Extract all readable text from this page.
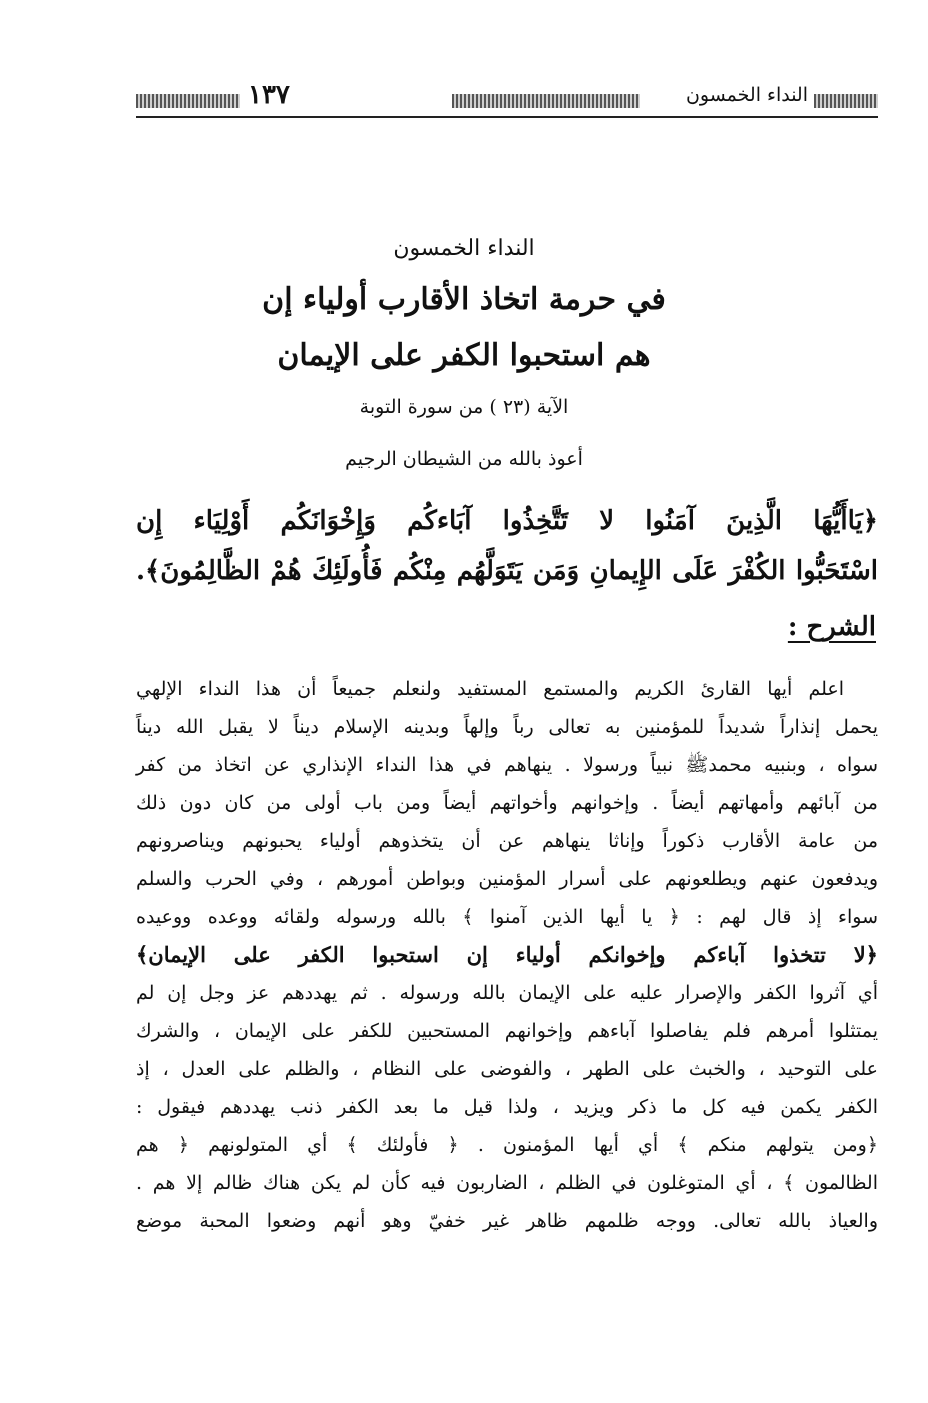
النداء الخمسون
١٣٧
النداء الخمسون
في حرمة اتخاذ الأقارب أولياء إن
هم استحبوا الكفر على الإيمان
الآية (٢٣ ) من سورة التوبة
أعوذ بالله من الشيطان الرجيم
﴿يَاأَيُّهَا الَّذِينَ آمَنُوا لا تَتَّخِذُوا آبَاءكُم وَإِخْوَانَكُم أَوْلِيَاء إِن
اسْتَحَبُّوا الكُفْرَ عَلَى الإِيمانِ وَمَن يَتَوَلَّهُم مِنْكُم فَأُولَئِكَ هُمْ الظَّالِمُونَ﴾.
الشرح :
اعلم أيها القارئ الكريم والمستمع المستفيد ولنعلم جميعاً أن هذا النداء الإلهي
يحمل إنذاراً شديداً للمؤمنين به تعالى رباً وإلهاً وبدينه الإسلام ديناً لا يقبل الله ديناً
سواه ، وبنبيه محمدﷺ نبياً ورسولا . ينهاهم في هذا النداء الإنذاري عن اتخاذ من كفر
من آبائهم وأمهاتهم أيضاً . وإخوانهم وأخواتهم أيضاً ومن باب أولى من كان دون ذلك
من عامة الأقارب ذكوراً وإناثا ينهاهم عن أن يتخذوهم أولياء يحبونهم ويناصرونهم
ويدفعون عنهم ويطلعونهم على أسرار المؤمنين وبواطن أمورهم ، وفي الحرب والسلم
سواء إذ قال لهم : ﴿ يا أيها الذين آمنوا ﴾ بالله ورسوله ولقائه ووعده ووعيده
﴿لا تتخذوا آباءكم وإخوانكم أولياء إن استحبوا الكفر على الإيمان﴾
أي آثروا الكفر والإصرار عليه على الإيمان بالله ورسوله . ثم يهددهم عز وجل إن لم
يمتثلوا أمرهم فلم يفاصلوا آباءهم وإخوانهم المستحبين للكفر على الإيمان ، والشرك
على التوحيد ، والخبث على الطهر ، والفوضى على النظام ، والظلم على العدل ، إذ
الكفر يكمن فيه كل ما ذكر ويزيد ، ولذا قيل ما بعد الكفر ذنب يهددهم فيقول :
﴿ومن يتولهم منكم ﴾ أي أيها المؤمنون . ﴿ فأولئك ﴾ أي المتولونهم ﴿ هم
الظالمون ﴾ ، أي المتوغلون في الظلم ، الضاربون فيه كأن لم يكن هناك ظالم إلا هم .
والعياذ بالله تعالى. ووجه ظلمهم ظاهر غير خفيّ وهو أنهم وضعوا المحبة موضع
